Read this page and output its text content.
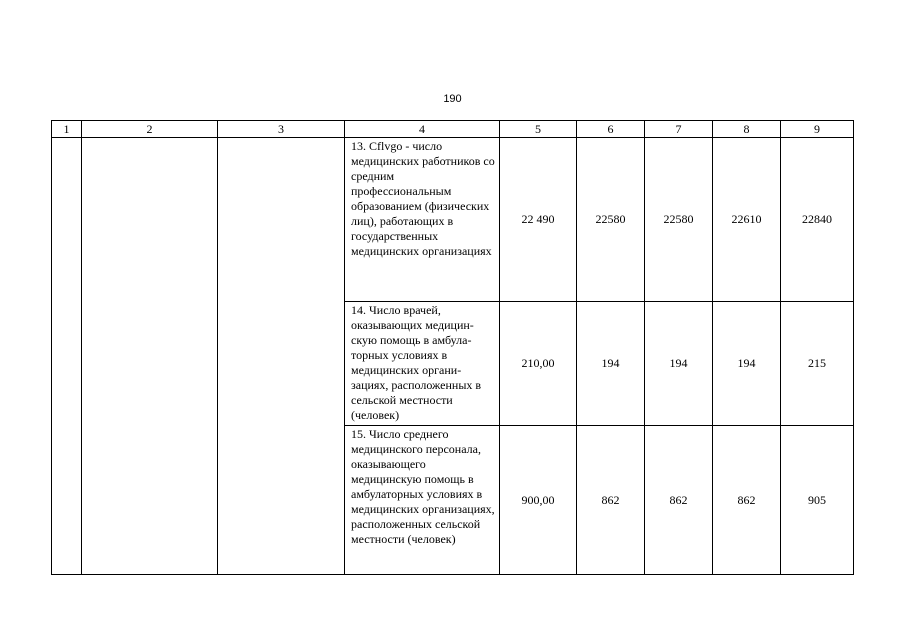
190
1	2	3	4	5	6	7	8	9
			13. Cflvgo - число медицинских работников со средним профессиональным образованием (физических лиц), работающих в государственных медицинских организациях	22 490	22580	22580	22610	22840
			14. Число врачей, оказывающих медицин-скую помощь в амбула-торных условиях в медицинских органи-зациях, расположенных в сельской местности (человек)	210,00	194	194	194	215
			15. Число среднего медицинского персонала, оказывающего медицинскую помощь в амбулаторных условиях в медицинских организациях, расположенных сельской местности (человек)	900,00	862	862	862	905
